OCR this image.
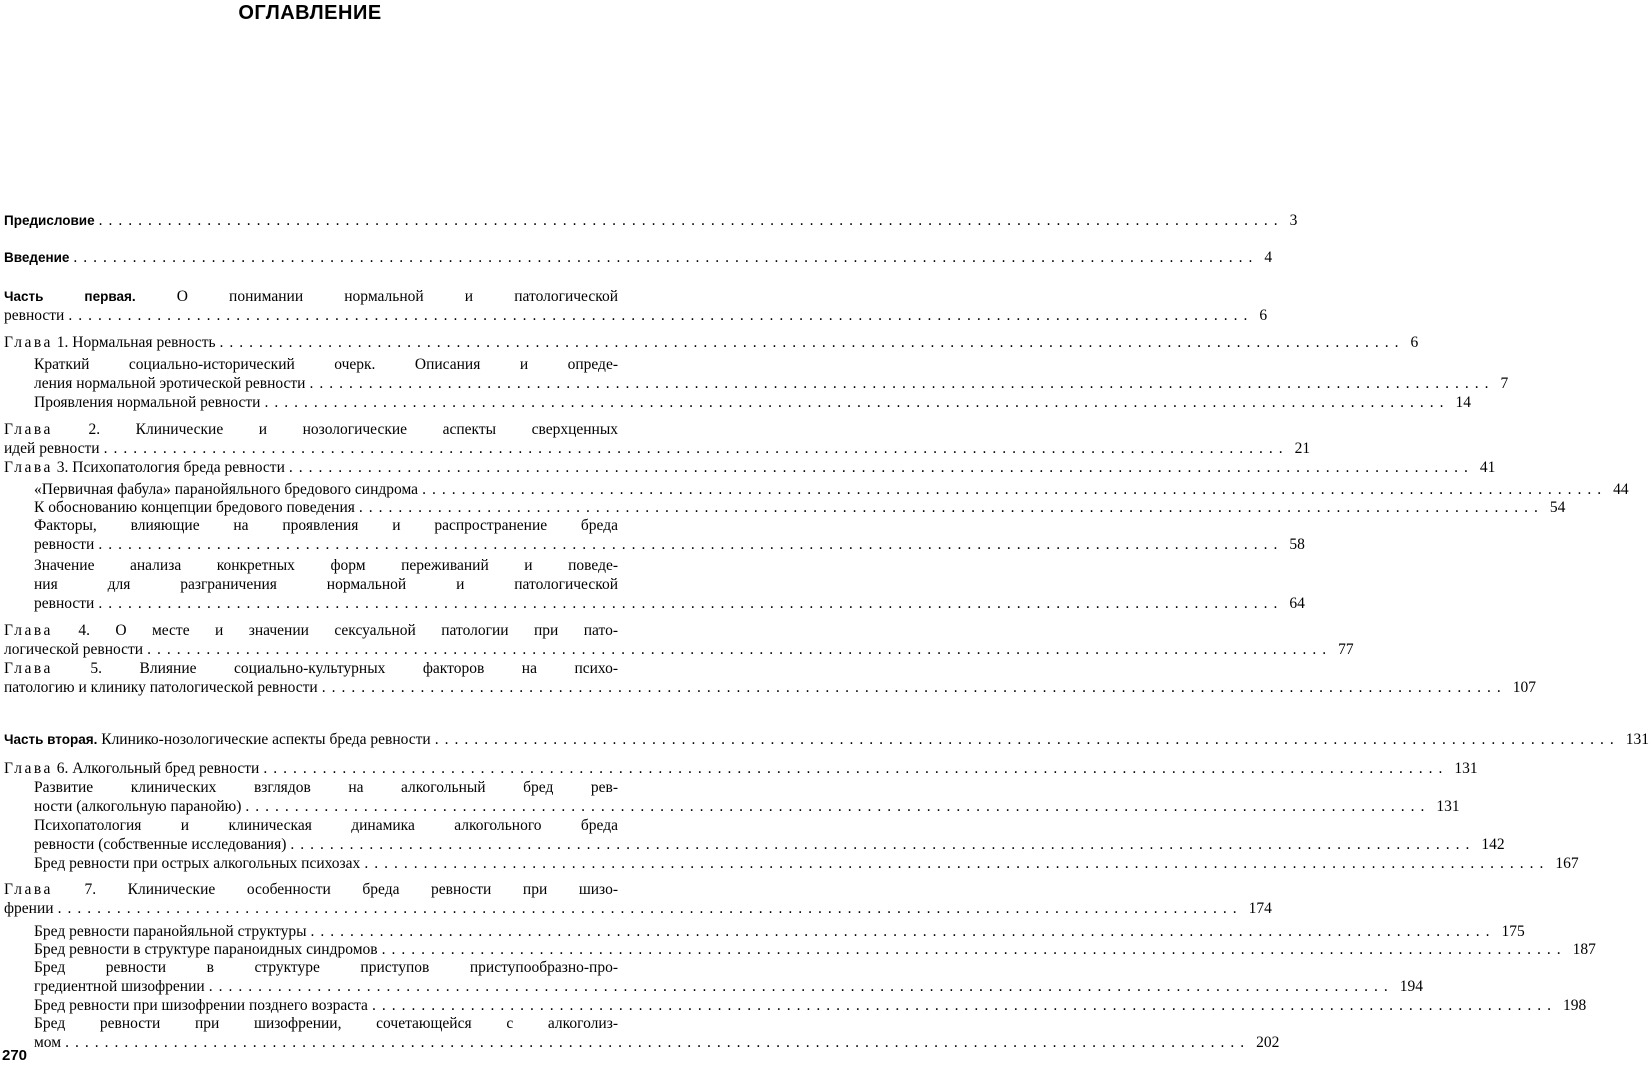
ОГЛАВЛЕНИЕ
Предисловие ........................................................................................................................ 3
Введение ........................................................................................................................ 4
Часть первая. О понимании нормальной и патологической
ревности ........................................................................................................................ 6
Глава 1. Нормальная ревность ........................................................................................................................ 6
Краткий социально-исторический очерк. Описания и опреде-
ления нормальной эротической ревности ........................................................................................................................ 7
Проявления нормальной ревности ........................................................................................................................ 14
Глава 2. Клинические и нозологические аспекты сверхценных
идей ревности ........................................................................................................................ 21
Глава 3. Психопатология бреда ревности ........................................................................................................................ 41
«Первичная фабула» паранойяльного бредового синдрома ........................................................................................................................ 44
К обоснованию концепции бредового поведения ........................................................................................................................ 54
Факторы, влияющие на проявления и распространение бреда
ревности ........................................................................................................................ 58
Значение анализа конкретных форм переживаний и поведе-
ния для разграничения нормальной и патологической
ревности ........................................................................................................................ 64
Глава 4. О месте и значении сексуальной патологии при пато-
логической ревности ........................................................................................................................ 77
Глава 5. Влияние социально-культурных факторов на психо-
патологию и клинику патологической ревности ........................................................................................................................ 107
Часть вторая. Клинико-нозологические аспекты бреда ревности ........................................................................................................................ 131
Глава 6. Алкогольный бред ревности ........................................................................................................................ 131
Развитие клинических взглядов на алкогольный бред рев-
ности (алкогольную паранойю) ........................................................................................................................ 131
Психопатология и клиническая динамика алкогольного бреда
ревности (собственные исследования) ........................................................................................................................ 142
Бред ревности при острых алкогольных психозах ........................................................................................................................ 167
Глава 7. Клинические особенности бреда ревности при шизо-
френии ........................................................................................................................ 174
Бред ревности паранойяльной структуры ........................................................................................................................ 175
Бред ревности в структуре параноидных синдромов ........................................................................................................................ 187
Бред ревности в структуре приступов приступообразно-про-
гредиентной шизофрении ........................................................................................................................ 194
Бред ревности при шизофрении позднего возраста ........................................................................................................................ 198
Бред ревности при шизофрении, сочетающейся с алкоголиз-
мом ........................................................................................................................ 202
270
